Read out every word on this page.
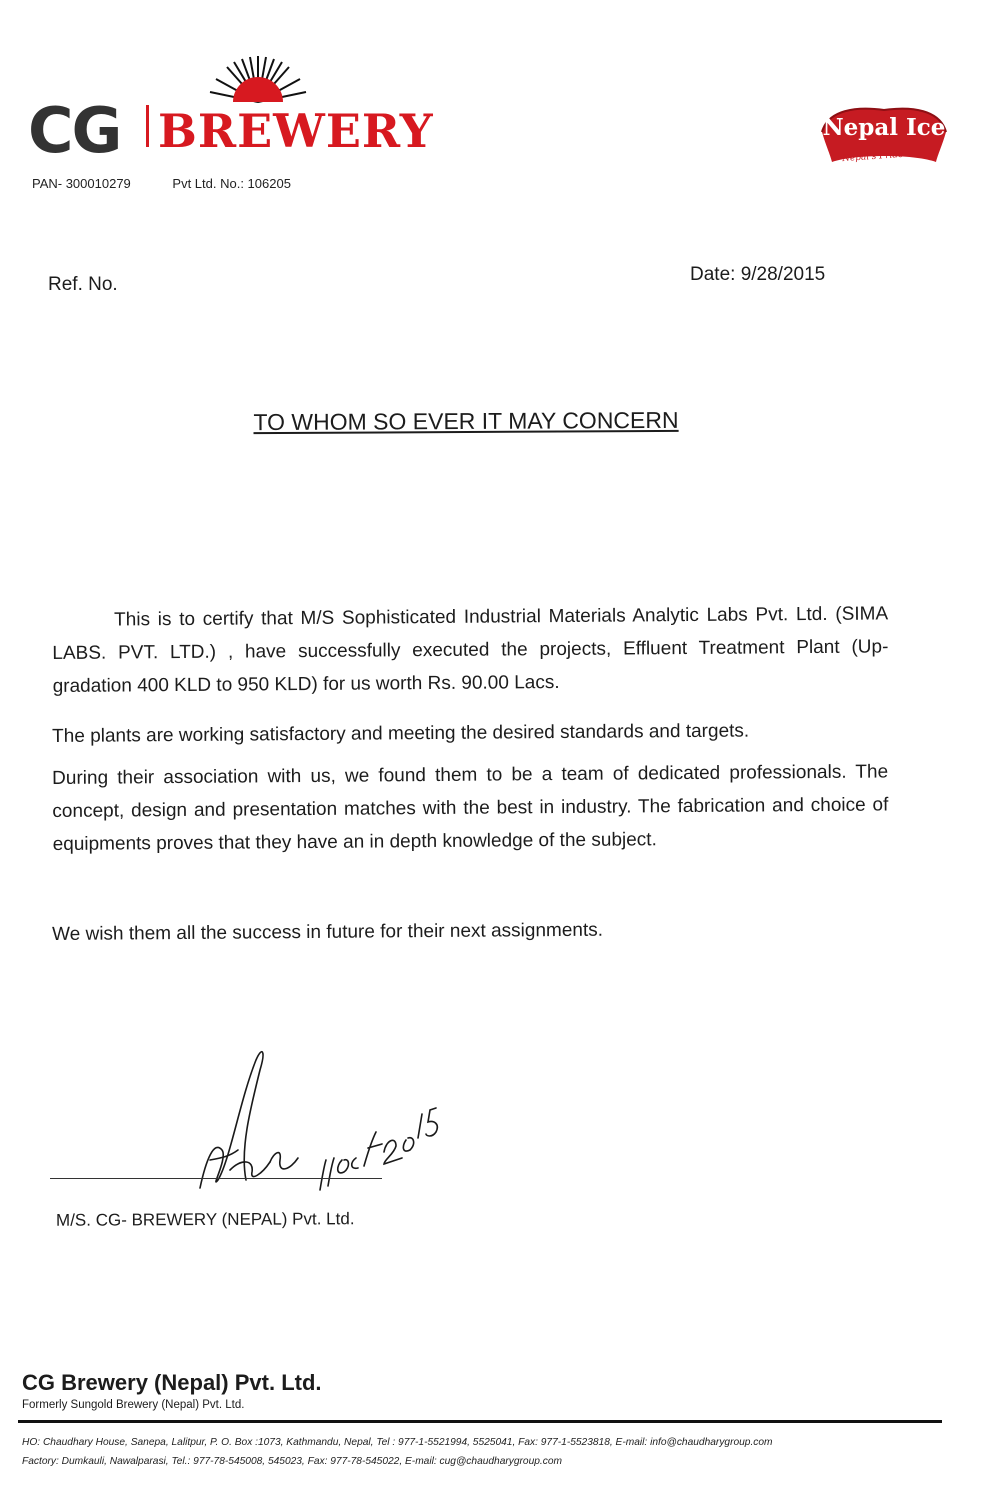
CG BREWERY
PAN- 300010279	Pvt Ltd. No.: 106205
Nepal Ice
Nepal's Pride
Ref. No.	Date: 9/28/2015
TO WHOM SO EVER IT MAY CONCERN
This is to certify that M/S Sophisticated Industrial Materials Analytic Labs Pvt. Ltd. (SIMA LABS. PVT. LTD.) , have successfully executed the projects, Effluent Treatment Plant (Up- gradation 400 KLD to 950 KLD) for us worth Rs. 90.00 Lacs.
The plants are working satisfactory and meeting the desired standards and targets.
During their association with us, we found them to be a team of dedicated professionals. The concept, design and presentation matches with the best in industry. The fabrication and choice of equipments proves that they have an in depth knowledge of the subject.
We wish them all the success in future for their next assignments.
M/S. CG- BREWERY (NEPAL) Pvt. Ltd.
CG Brewery (Nepal) Pvt. Ltd.
Formerly Sungold Brewery (Nepal) Pvt. Ltd.
HO: Chaudhary House, Sanepa, Lalitpur, P. O. Box :1073, Kathmandu, Nepal, Tel : 977-1-5521994, 5525041, Fax: 977-1-5523818, E-mail: info@chaudharygroup.com
Factory: Dumkauli, Nawalparasi, Tel.: 977-78-545008, 545023, Fax: 977-78-545022, E-mail: cug@chaudharygroup.com
